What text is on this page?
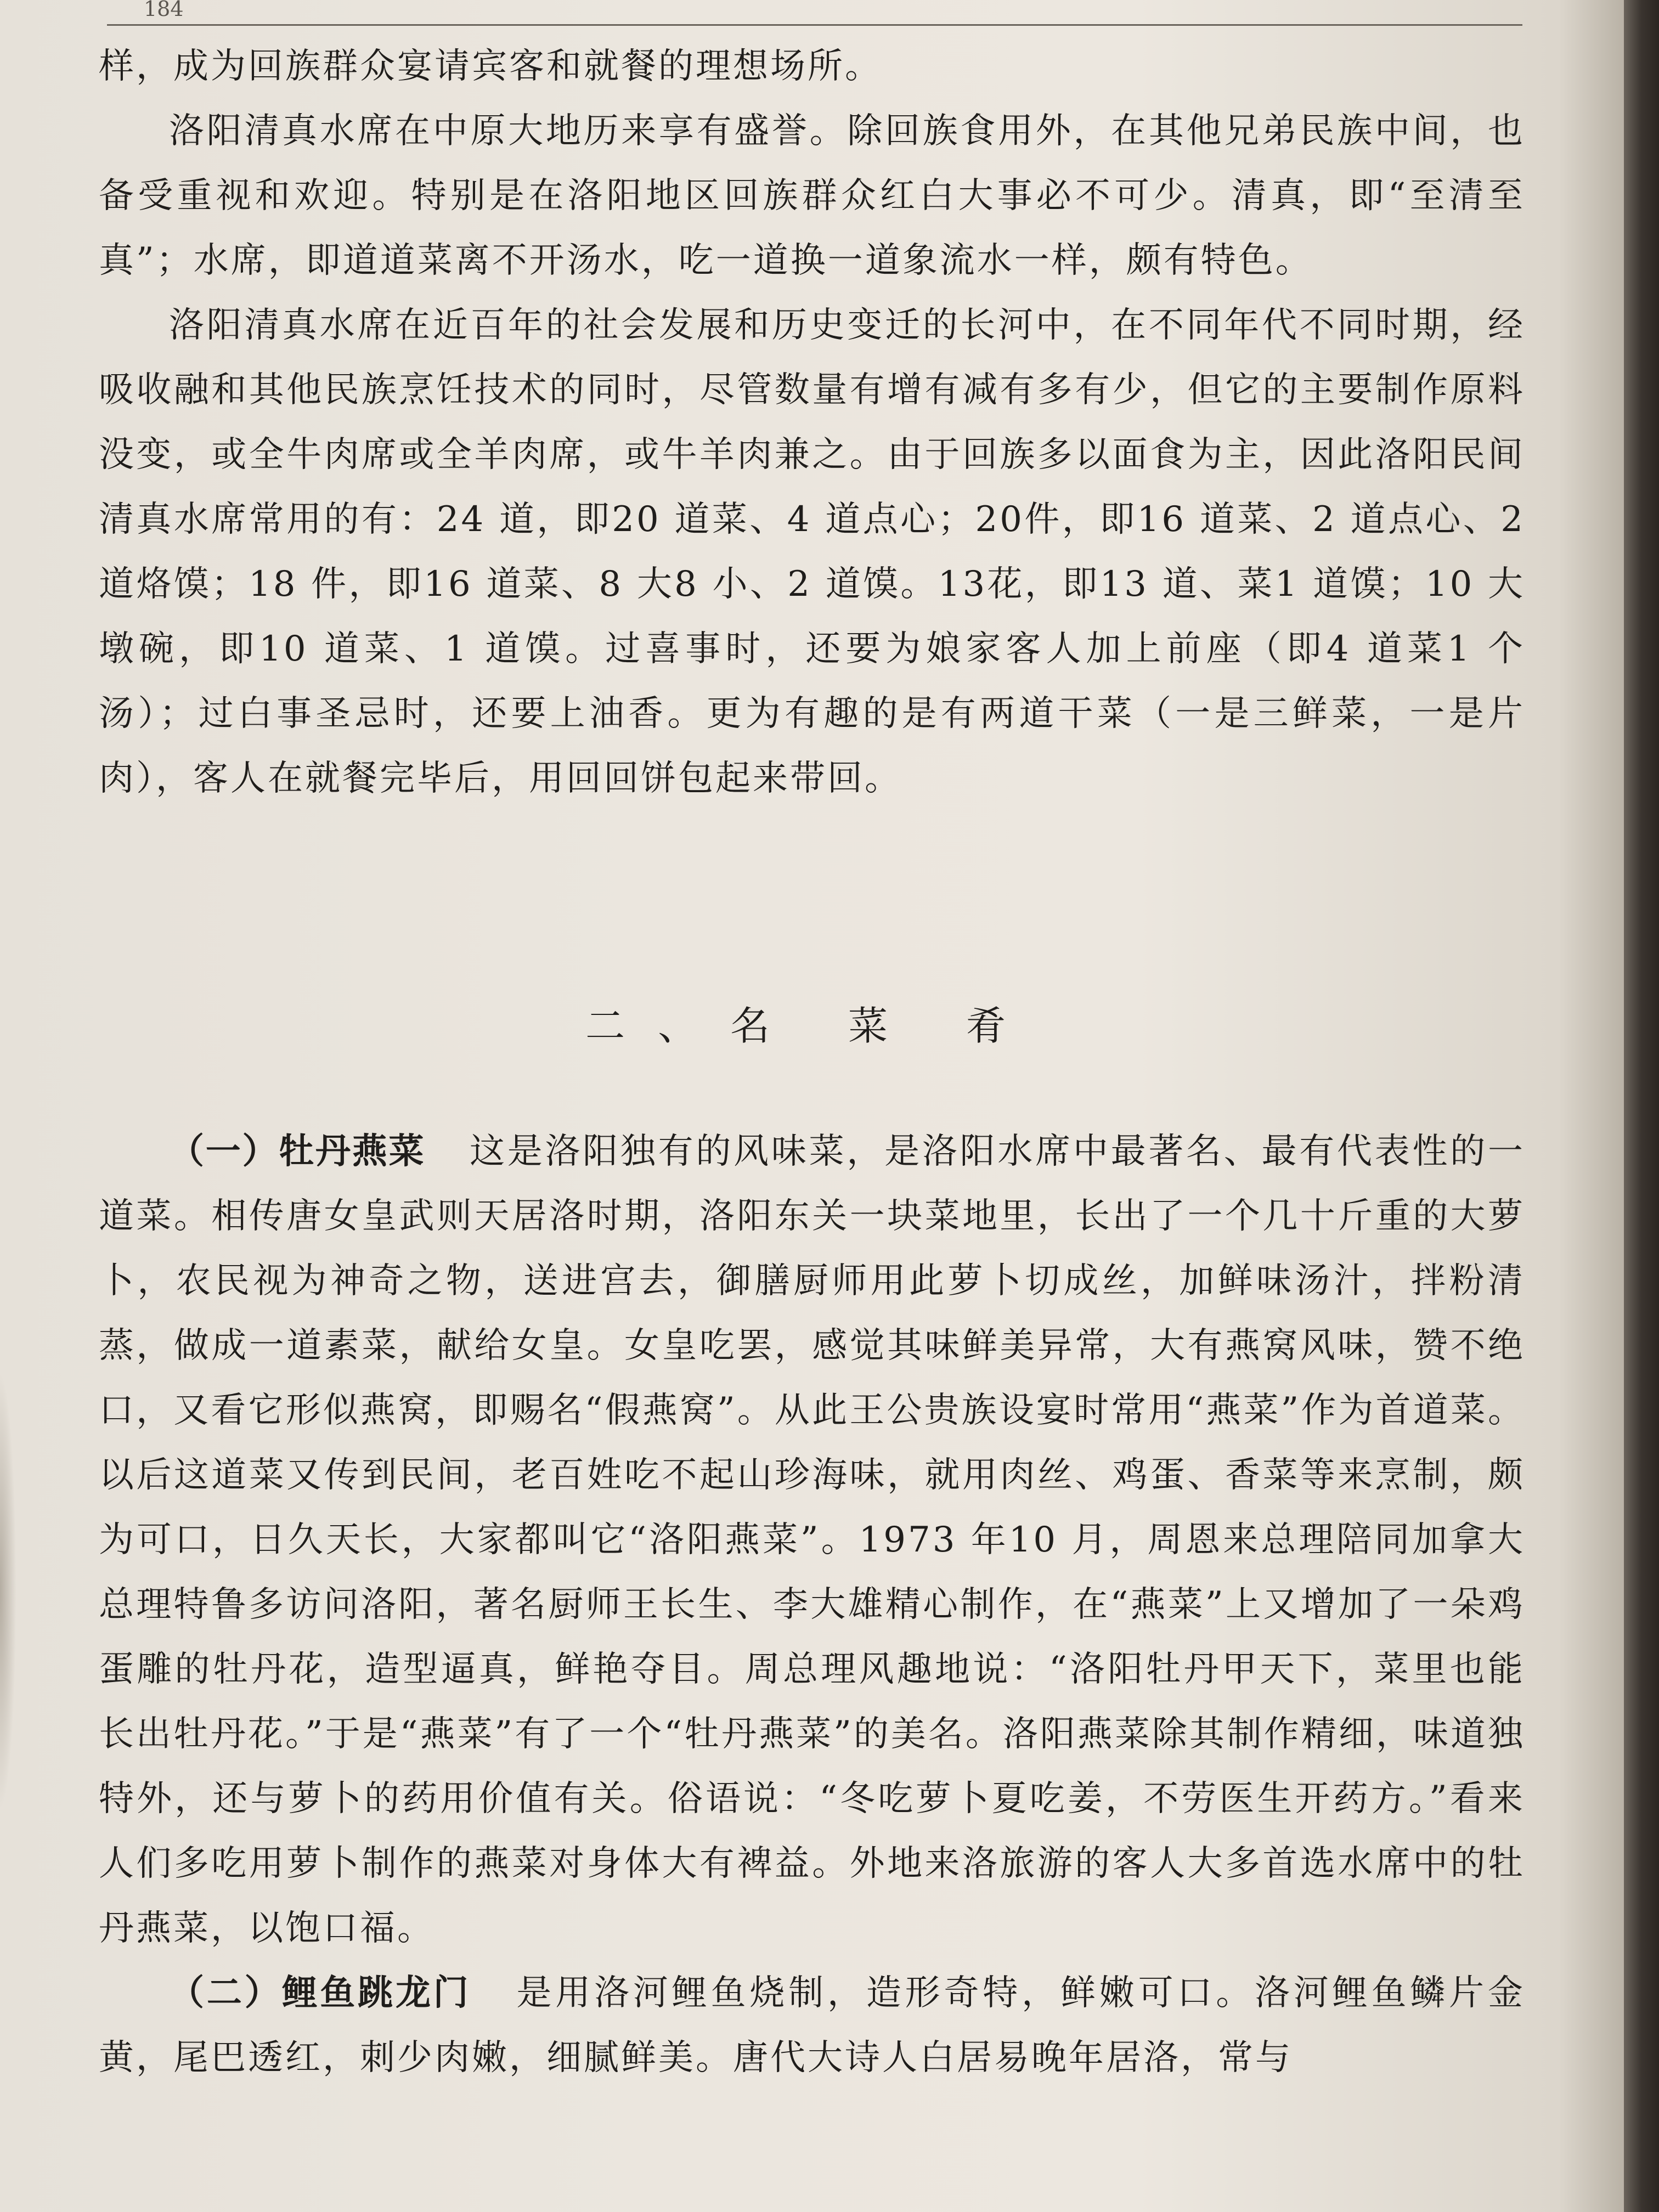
184

样，成为回族群众宴请宾客和就餐的理想场所。

洛阳清真水席在中原大地历来享有盛誉。除回族食用外，在其他兄弟民族中间，也备受重视和欢迎。特别是在洛阳地区回族群众红白大事必不可少。清真，即“至清至真”；水席，即道道菜离不开汤水，吃一道换一道象流水一样，颇有特色。

洛阳清真水席在近百年的社会发展和历史变迁的长河中，在不同年代不同时期，经吸收融和其他民族烹饪技术的同时，尽管数量有增有减有多有少，但它的主要制作原料没变，或全牛肉席或全羊肉席，或牛羊肉兼之。由于回族多以面食为主，因此洛阳民间清真水席常用的有：24 道，即20 道菜、4 道点心；20件，即16 道菜、2 道点心、2 道烙馍；18 件，即16 道菜、8 大8 小、2 道馍。13花，即13 道、菜1 道馍；10 大墩碗，即10 道菜、1 道馍。过喜事时，还要为娘家客人加上前座（即4 道菜1 个汤）；过白事圣忌时，还要上油香。更为有趣的是有两道干菜（一是三鲜菜，一是片肉），客人在就餐完毕后，用回回饼包起来带回。

二、名 菜 肴

（一）牡丹燕菜 这是洛阳独有的风味菜，是洛阳水席中最著名、最有代表性的一道菜。相传唐女皇武则天居洛时期，洛阳东关一块菜地里，长出了一个几十斤重的大萝卜，农民视为神奇之物，送进宫去，御膳厨师用此萝卜切成丝，加鲜味汤汁，拌粉清蒸，做成一道素菜，献给女皇。女皇吃罢，感觉其味鲜美异常，大有燕窝风味，赞不绝口，又看它形似燕窝，即赐名“假燕窝”。从此王公贵族设宴时常用“燕菜”作为首道菜。以后这道菜又传到民间，老百姓吃不起山珍海味，就用肉丝、鸡蛋、香菜等来烹制，颇为可口，日久天长，大家都叫它“洛阳燕菜”。1973 年10 月，周恩来总理陪同加拿大总理特鲁多访问洛阳，著名厨师王长生、李大雄精心制作，在“燕菜”上又增加了一朵鸡蛋雕的牡丹花，造型逼真，鲜艳夺目。周总理风趣地说：“洛阳牡丹甲天下，菜里也能长出牡丹花。”于是“燕菜”有了一个“牡丹燕菜”的美名。洛阳燕菜除其制作精细，味道独特外，还与萝卜的药用价值有关。俗语说：“冬吃萝卜夏吃姜，不劳医生开药方。”看来人们多吃用萝卜制作的燕菜对身体大有裨益。外地来洛旅游的客人大多首选水席中的牡丹燕菜，以饱口福。

（二）鲤鱼跳龙门 是用洛河鲤鱼烧制，造形奇特，鲜嫩可口。洛河鲤鱼鳞片金黄，尾巴透红，刺少肉嫩，细腻鲜美。唐代大诗人白居易晚年居洛，常与
